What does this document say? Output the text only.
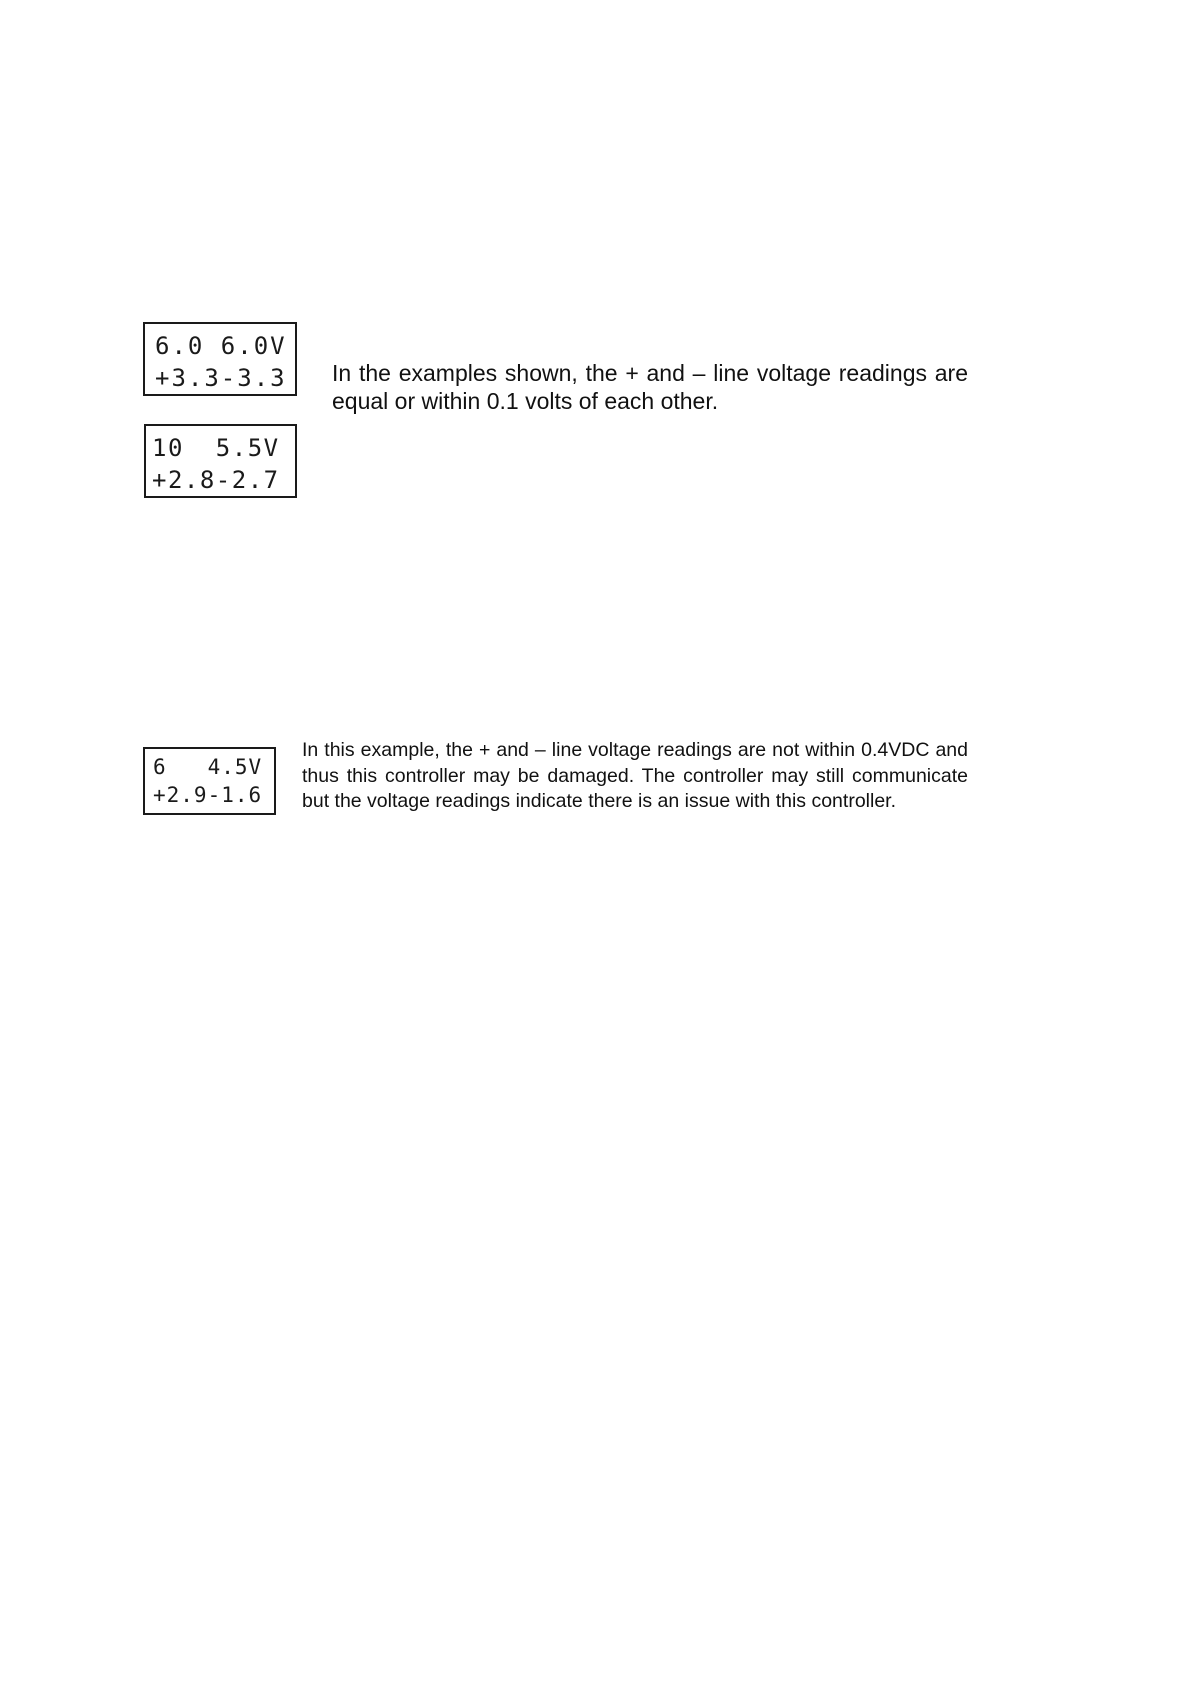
6.0 6.0V
+3.3-3.3
10  5.5V
+2.8-2.7

In the examples shown, the + and – line voltage readings are equal or within 0.1 volts of each other.

6   4.5V
+2.9-1.6

In this example, the + and – line voltage readings are not within 0.4VDC and thus this controller may be damaged. The controller may still communicate but the voltage readings indicate there is an issue with this controller.
